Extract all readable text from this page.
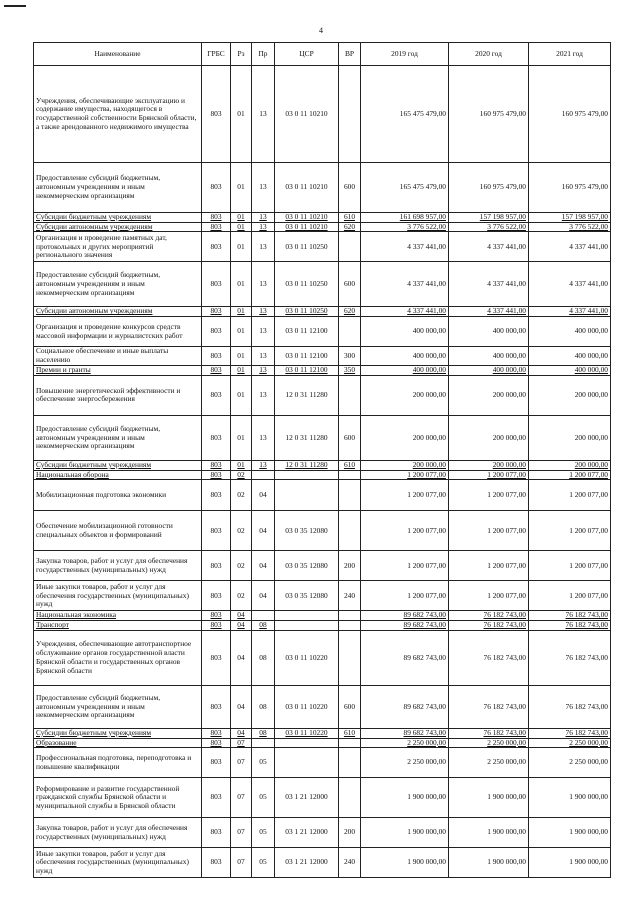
4
Наименование	ГРБС	Рз	Пр	ЦСР	ВР	2019 год	2020 год	2021 год
Учреждения, обеспечивающие эксплуатацию и содержание имущества, находящегося в государственной собственности Брянской области, а также арендованного недвижимого имущества	803	01	13	03 0 11 10210		165 475 479,00	160 975 479,00	160 975 479,00
Предоставление субсидий бюджетным, автономным учреждениям и иным некоммерческим организациям	803	01	13	03 0 11 10210	600	165 475 479,00	160 975 479,00	160 975 479,00
Субсидии бюджетным учреждениям	803	01	13	03 0 11 10210	610	161 698 957,00	157 198 957,00	157 198 957,00
Субсидии автономным учреждениям	803	01	13	03 0 11 10210	620	3 776 522,00	3 776 522,00	3 776 522,00
Организация и проведение памятных дат, протокольных и других мероприятий регионального значения	803	01	13	03 0 11 10250		4 337 441,00	4 337 441,00	4 337 441,00
Предоставление субсидий бюджетным, автономным учреждениям и иным некоммерческим организациям	803	01	13	03 0 11 10250	600	4 337 441,00	4 337 441,00	4 337 441,00
Субсидии автономным учреждениям	803	01	13	03 0 11 10250	620	4 337 441,00	4 337 441,00	4 337 441,00
Организация и проведение конкурсов средств массовой информации и журналистских работ	803	01	13	03 0 11 12100		400 000,00	400 000,00	400 000,00
Социальное обеспечение и иные выплаты населению	803	01	13	03 0 11 12100	300	400 000,00	400 000,00	400 000,00
Премии и гранты	803	01	13	03 0 11 12100	350	400 000,00	400 000,00	400 000,00
Повышение энергетической эффективности и обеспечение энергосбережения	803	01	13	12 0 31 11280		200 000,00	200 000,00	200 000,00
Предоставление субсидий бюджетным, автономным учреждениям и иным некоммерческим организациям	803	01	13	12 0 31 11280	600	200 000,00	200 000,00	200 000,00
Субсидии бюджетным учреждениям	803	01	13	12 0 31 11280	610	200 000,00	200 000,00	200 000,00
Национальная оборона	803	02				1 200 077,00	1 200 077,00	1 200 077,00
Мобилизационная подготовка экономики	803	02	04			1 200 077,00	1 200 077,00	1 200 077,00
Обеспечение мобилизационной готовности специальных объектов и формирований	803	02	04	03 0 35 12080		1 200 077,00	1 200 077,00	1 200 077,00
Закупка товаров, работ и услуг для обеспечения государственных (муниципальных) нужд	803	02	04	03 0 35 12080	200	1 200 077,00	1 200 077,00	1 200 077,00
Иные закупки товаров, работ и услуг для обеспечения государственных (муниципальных) нужд	803	02	04	03 0 35 12080	240	1 200 077,00	1 200 077,00	1 200 077,00
Национальная экономика	803	04				89 682 743,00	76 182 743,00	76 182 743,00
Транспорт	803	04	08			89 682 743,00	76 182 743,00	76 182 743,00
Учреждения, обеспечивающие автотранспортное обслуживание органов государственной власти Брянской области и государственных органов Брянской области	803	04	08	03 0 11 10220		89 682 743,00	76 182 743,00	76 182 743,00
Предоставление субсидий бюджетным, автономным учреждениям и иным некоммерческим организациям	803	04	08	03 0 11 10220	600	89 682 743,00	76 182 743,00	76 182 743,00
Субсидии бюджетным учреждениям	803	04	08	03 0 11 10220	610	89 682 743,00	76 182 743,00	76 182 743,00
Образование	803	07				2 250 000,00	2 250 000,00	2 250 000,00
Профессиональная подготовка, переподготовка и повышение квалификации	803	07	05			2 250 000,00	2 250 000,00	2 250 000,00
Реформирование и развитие государственной гражданской службы Брянской области и муниципальной службы в Брянской области	803	07	05	03 1 21 12000		1 900 000,00	1 900 000,00	1 900 000,00
Закупка товаров, работ и услуг для обеспечения государственных (муниципальных) нужд	803	07	05	03 1 21 12000	200	1 900 000,00	1 900 000,00	1 900 000,00
Иные закупки товаров, работ и услуг для обеспечения государственных (муниципальных) нужд	803	07	05	03 1 21 12000	240	1 900 000,00	1 900 000,00	1 900 000,00
